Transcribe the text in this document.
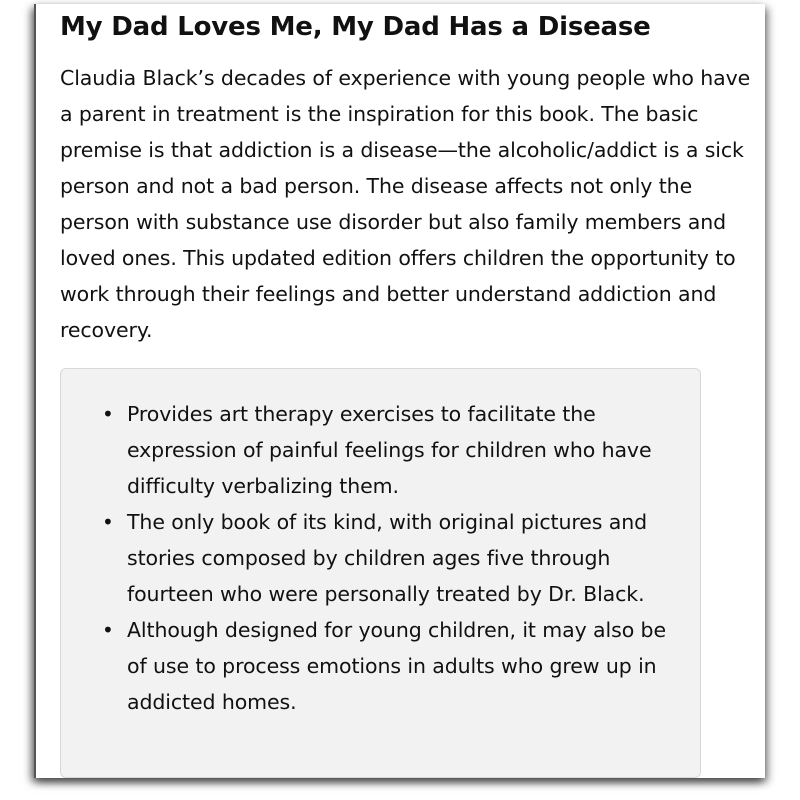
My Dad Loves Me, My Dad Has a Disease

Claudia Black’s decades of experience with young people who have a parent in treatment is the inspiration for this book. The basic premise is that addiction is a disease—the alcoholic/addict is a sick person and not a bad person. The disease affects not only the person with substance use disorder but also family members and loved ones. This updated edition offers children the opportunity to work through their feelings and better understand addiction and recovery.

• Provides art therapy exercises to facilitate the expression of painful feelings for children who have difficulty verbalizing them.
• The only book of its kind, with original pictures and stories composed by children ages five through fourteen who were personally treated by Dr. Black.
• Although designed for young children, it may also be of use to process emotions in adults who grew up in addicted homes.
